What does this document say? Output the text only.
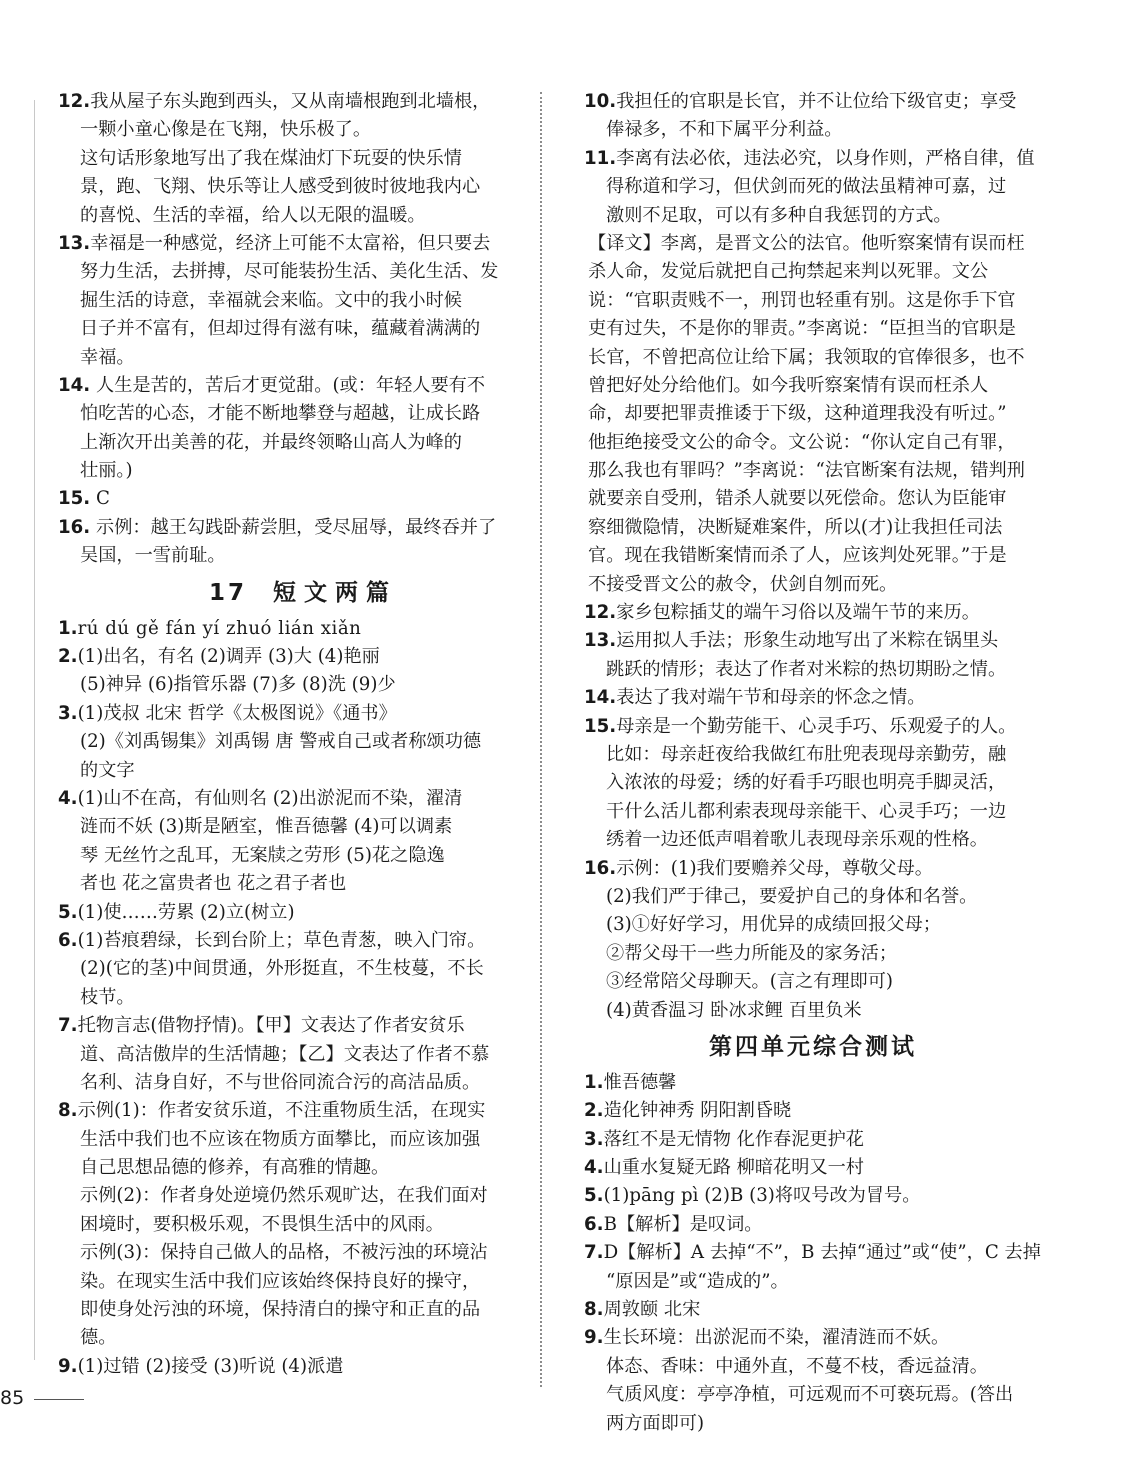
12.我从屋子东头跑到西头，又从南墙根跑到北墙根，
一颗小童心像是在飞翔，快乐极了。
这句话形象地写出了我在煤油灯下玩耍的快乐情
景，跑、飞翔、快乐等让人感受到彼时彼地我内心
的喜悦、生活的幸福，给人以无限的温暖。
13.幸福是一种感觉，经济上可能不太富裕，但只要去
努力生活，去拼搏，尽可能装扮生活、美化生活、发
掘生活的诗意，幸福就会来临。文中的我小时候
日子并不富有，但却过得有滋有味，蕴藏着满满的
幸福。
14. 人生是苦的，苦后才更觉甜。(或：年轻人要有不
怕吃苦的心态，才能不断地攀登与超越，让成长路
上渐次开出美善的花，并最终领略山高人为峰的
壮丽。)
15. C
16. 示例：越王勾践卧薪尝胆，受尽屈辱，最终吞并了
吴国，一雪前耻。
17 短文两篇
1.rú dú gě fán yí zhuó lián xiǎn
2.(1)出名，有名 (2)调弄 (3)大 (4)艳丽
(5)神异 (6)指管乐器 (7)多 (8)洗 (9)少
3.(1)茂叔 北宋 哲学《太极图说》《通书》
(2)《刘禹锡集》刘禹锡 唐 警戒自己或者称颂功德
的文字
4.(1)山不在高，有仙则名 (2)出淤泥而不染，濯清
涟而不妖 (3)斯是陋室，惟吾德馨 (4)可以调素
琴 无丝竹之乱耳，无案牍之劳形 (5)花之隐逸
者也 花之富贵者也 花之君子者也
5.(1)使……劳累 (2)立(树立)
6.(1)苔痕碧绿，长到台阶上；草色青葱，映入门帘。
(2)(它的茎)中间贯通，外形挺直，不生枝蔓，不长
枝节。
7.托物言志(借物抒情)。【甲】文表达了作者安贫乐
道、高洁傲岸的生活情趣；【乙】文表达了作者不慕
名利、洁身自好，不与世俗同流合污的高洁品质。
8.示例(1)：作者安贫乐道，不注重物质生活，在现实
生活中我们也不应该在物质方面攀比，而应该加强
自己思想品德的修养，有高雅的情趣。
示例(2)：作者身处逆境仍然乐观旷达，在我们面对
困境时，要积极乐观，不畏惧生活中的风雨。
示例(3)：保持自己做人的品格，不被污浊的环境沾
染。在现实生活中我们应该始终保持良好的操守，
即使身处污浊的环境，保持清白的操守和正直的品
德。
9.(1)过错 (2)接受 (3)听说 (4)派遣
10.我担任的官职是长官，并不让位给下级官吏；享受
俸禄多，不和下属平分利益。
11.李离有法必依，违法必究，以身作则，严格自律，值
得称道和学习，但伏剑而死的做法虽精神可嘉，过
激则不足取，可以有多种自我惩罚的方式。
【译文】李离，是晋文公的法官。他听察案情有误而枉
杀人命，发觉后就把自己拘禁起来判以死罪。文公
说：“官职责贱不一，刑罚也轻重有别。这是你手下官
吏有过失，不是你的罪责。”李离说：“臣担当的官职是
长官，不曾把高位让给下属；我领取的官俸很多，也不
曾把好处分给他们。如今我听察案情有误而枉杀人
命，却要把罪责推诿于下级，这种道理我没有听过。”
他拒绝接受文公的命令。文公说：“你认定自己有罪，
那么我也有罪吗？”李离说：“法官断案有法规，错判刑
就要亲自受刑，错杀人就要以死偿命。您认为臣能审
察细微隐情，决断疑难案件，所以(才)让我担任司法
官。现在我错断案情而杀了人，应该判处死罪。”于是
不接受晋文公的赦令，伏剑自刎而死。
12.家乡包粽插艾的端午习俗以及端午节的来历。
13.运用拟人手法；形象生动地写出了米粽在锅里头
跳跃的情形；表达了作者对米粽的热切期盼之情。
14.表达了我对端午节和母亲的怀念之情。
15.母亲是一个勤劳能干、心灵手巧、乐观爱子的人。
比如：母亲赶夜给我做红布肚兜表现母亲勤劳，融
入浓浓的母爱；绣的好看手巧眼也明亮手脚灵活，
干什么活儿都利索表现母亲能干、心灵手巧；一边
绣着一边还低声唱着歌儿表现母亲乐观的性格。
16.示例：(1)我们要赡养父母，尊敬父母。
(2)我们严于律己，要爱护自己的身体和名誉。
(3)①好好学习，用优异的成绩回报父母；
②帮父母干一些力所能及的家务活；
③经常陪父母聊天。(言之有理即可)
(4)黄香温习 卧冰求鲤 百里负米
第四单元综合测试
1.惟吾德馨
2.造化钟神秀 阴阳割昏晓
3.落红不是无情物 化作春泥更护花
4.山重水复疑无路 柳暗花明又一村
5.(1)pāng pì (2)B (3)将叹号改为冒号。
6.B【解析】是叹词。
7.D【解析】A 去掉“不”，B 去掉“通过”或“使”，C 去掉
“原因是”或“造成的”。
8.周敦颐 北宋
9.生长环境：出淤泥而不染，濯清涟而不妖。
体态、香味：中通外直，不蔓不枝，香远益清。
气质风度：亭亭净植，可远观而不可亵玩焉。(答出
两方面即可)
85
